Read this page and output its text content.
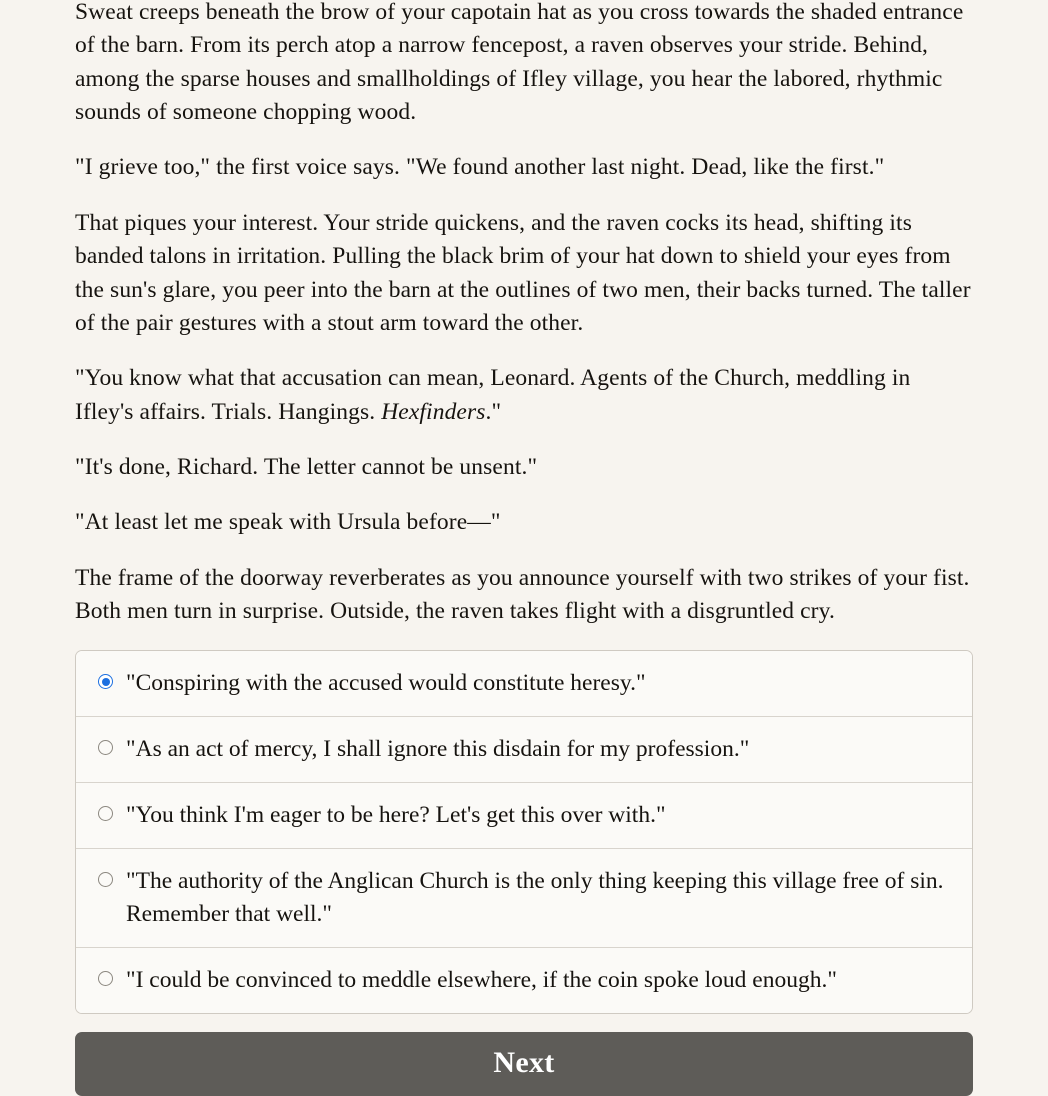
Sweat creeps beneath the brow of your capotain hat as you cross towards the shaded entrance of the barn. From its perch atop a narrow fencepost, a raven observes your stride. Behind, among the sparse houses and smallholdings of Ifley village, you hear the labored, rhythmic sounds of someone chopping wood.

"I grieve too," the first voice says. "We found another last night. Dead, like the first."

That piques your interest. Your stride quickens, and the raven cocks its head, shifting its banded talons in irritation. Pulling the black brim of your hat down to shield your eyes from the sun's glare, you peer into the barn at the outlines of two men, their backs turned. The taller of the pair gestures with a stout arm toward the other.

"You know what that accusation can mean, Leonard. Agents of the Church, meddling in Ifley's affairs. Trials. Hangings. Hexfinders."

"It's done, Richard. The letter cannot be unsent."

"At least let me speak with Ursula before—"

The frame of the doorway reverberates as you announce yourself with two strikes of your fist. Both men turn in surprise. Outside, the raven takes flight with a disgruntled cry.

"Conspiring with the accused would constitute heresy."
"As an act of mercy, I shall ignore this disdain for my profession."
"You think I'm eager to be here? Let's get this over with."
"The authority of the Anglican Church is the only thing keeping this village free of sin. Remember that well."
"I could be convinced to meddle elsewhere, if the coin spoke loud enough."
Next
